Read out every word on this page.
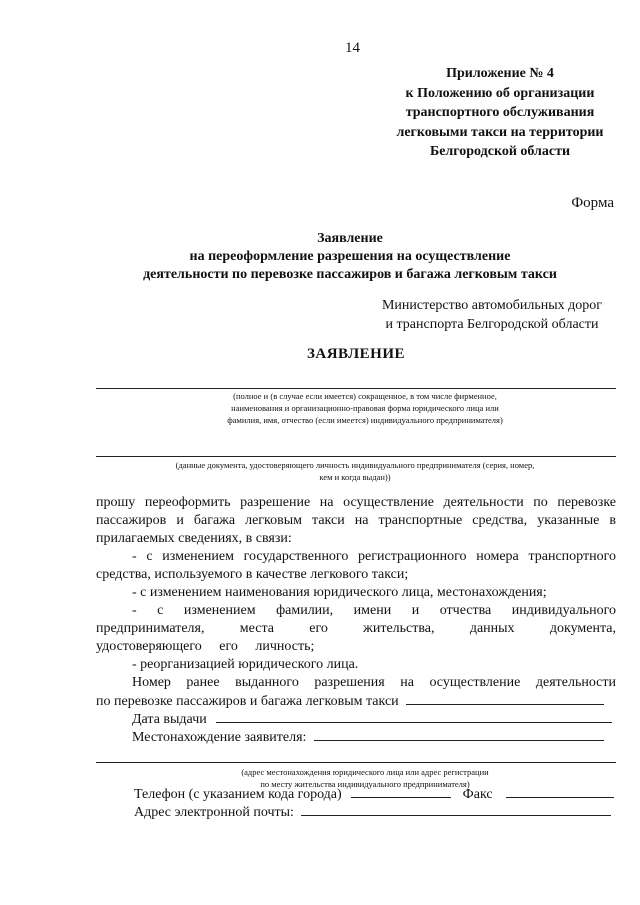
14
Приложение № 4
к Положению об организации
транспортного обслуживания
легковыми такси на территории
Белгородской области
Форма
Заявление
на переоформление разрешения на осуществление
деятельности по перевозке пассажиров и багажа легковым такси
Министерство автомобильных дорог
и транспорта Белгородской области
ЗАЯВЛЕНИЕ
(полное и (в случае если имеется) сокращенное, в том числе фирменное,
наименования и организационно-правовая форма юридического лица или
фамилия, имя, отчество (если имеется) индивидуального предпринимателя)
(данные документа, удостоверяющего личность индивидуального предпринимателя (серия, номер,
кем и когда выдан))
прошу переоформить разрешение на осуществление деятельности по перевозке пассажиров и багажа легковым такси на транспортные средства, указанные в прилагаемых сведениях, в связи:
- с изменением государственного регистрационного номера транспортного средства, используемого в качестве легкового такси;
- с изменением наименования юридического лица, местонахождения;
- с изменением фамилии, имени и отчества индивидуального предпринимателя, места его жительства, данных документа, удостоверяющего его личность;
- реорганизацией юридического лица.
Номер ранее выданного разрешения на осуществление деятельности
по перевозке пассажиров и багажа легковым такси
Дата выдачи
Местонахождение заявителя:
(адрес местонахождения юридического лица или адрес регистрации
по месту жительства индивидуального предпринимателя)
Телефон (с указанием кода города)	Факс
Адрес электронной почты:
